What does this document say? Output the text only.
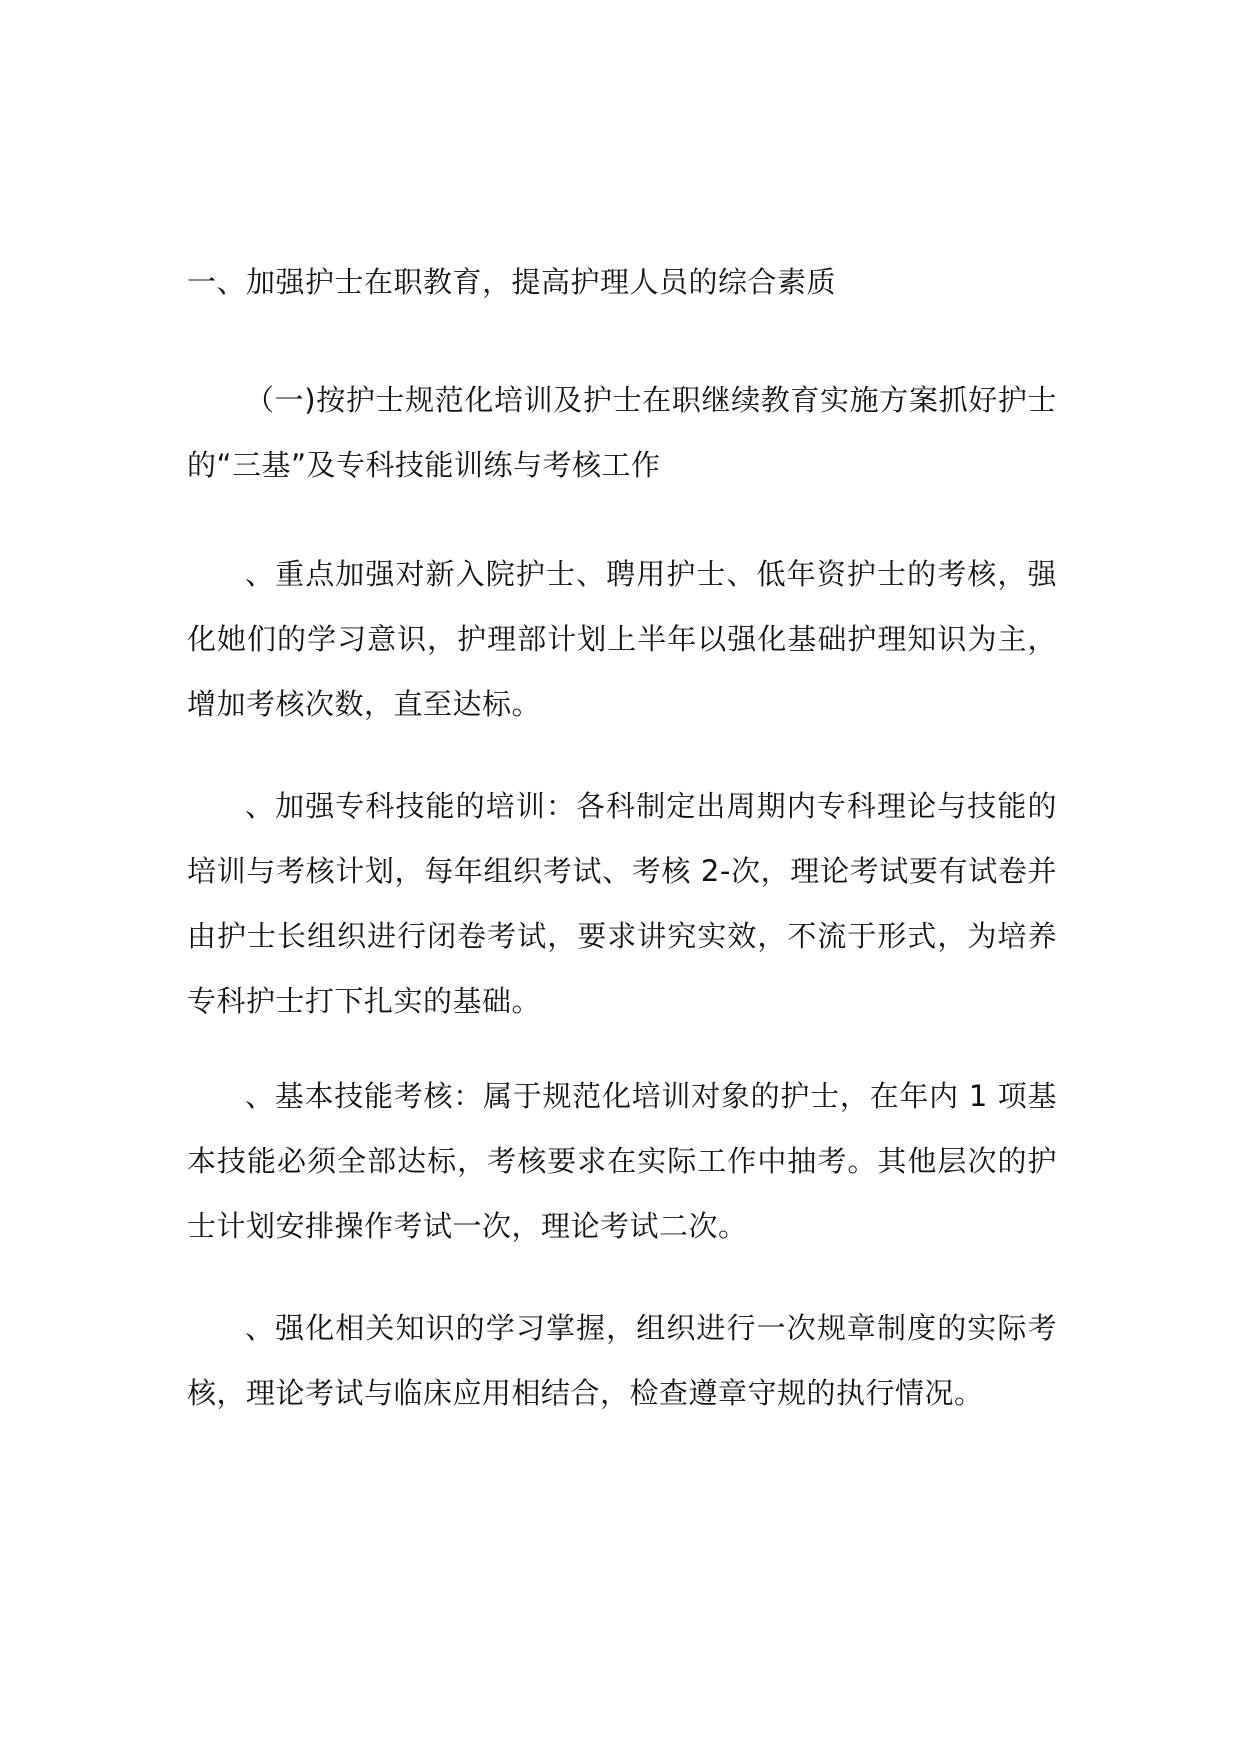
一、加强护士在职教育，提高护理人员的综合素质

（一)按护士规范化培训及护士在职继续教育实施方案抓好护士的“三基”及专科技能训练与考核工作

、重点加强对新入院护士、聘用护士、低年资护士的考核，强化她们的学习意识，护理部计划上半年以强化基础护理知识为主，增加考核次数，直至达标。

、加强专科技能的培训：各科制定出周期内专科理论与技能的培训与考核计划，每年组织考试、考核 2-次，理论考试要有试卷并由护士长组织进行闭卷考试，要求讲究实效，不流于形式，为培养专科护士打下扎实的基础。

、基本技能考核：属于规范化培训对象的护士，在年内 1 项基本技能必须全部达标，考核要求在实际工作中抽考。其他层次的护士计划安排操作考试一次，理论考试二次。

、强化相关知识的学习掌握，组织进行一次规章制度的实际考核，理论考试与临床应用相结合，检查遵章守规的执行情况。
